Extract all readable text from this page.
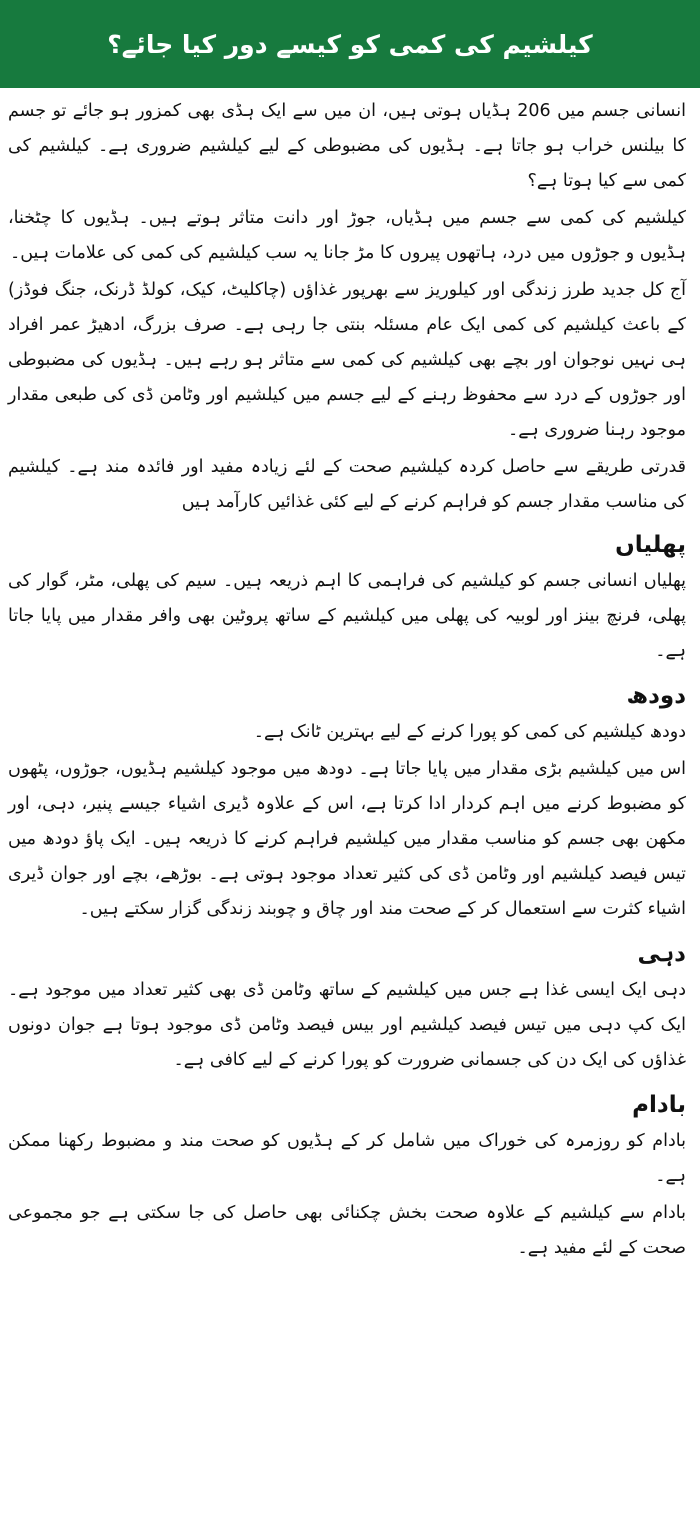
کیلشیم کی کمی کو کیسے دور کیا جائے؟

انسانی جسم میں 206 ہڈیاں ہوتی ہیں، ان میں سے ایک ہڈی بھی کمزور ہو جائے تو جسم کا بیلنس خراب ہو جاتا ہے۔ ہڈیوں کی مضبوطی کے لیے کیلشیم ضروری ہے۔ کیلشیم کی کمی سے کیا ہوتا ہے؟

کیلشیم کی کمی سے جسم میں ہڈیاں، جوڑ اور دانت متاثر ہوتے ہیں۔ ہڈیوں کا چٹخنا، ہڈیوں و جوڑوں میں درد، ہاتھوں پیروں کا مڑ جانا یہ سب کیلشیم کی کمی کی علامات ہیں۔

آج کل جدید طرز زندگی اور کیلوریز سے بھرپور غذاؤں (چاکلیٹ، کیک، کولڈ ڈرنک، جنگ فوڈز) کے باعث کیلشیم کی کمی ایک عام مسئلہ بنتی جا رہی ہے۔ صرف بزرگ، ادھیڑ عمر افراد ہی نہیں نوجوان اور بچے بھی کیلشیم کی کمی سے متاثر ہو رہے ہیں۔ ہڈیوں کی مضبوطی اور جوڑوں کے درد سے محفوظ رہنے کے لیے جسم میں کیلشیم اور وٹامن ڈی کی طبعی مقدار موجود رہنا ضروری ہے۔

قدرتی طریقے سے حاصل کردہ کیلشیم صحت کے لئے زیادہ مفید اور فائدہ مند ہے۔ کیلشیم کی مناسب مقدار جسم کو فراہم کرنے کے لیے کئی غذائیں کارآمد ہیں

پھلیاں

پھلیاں انسانی جسم کو کیلشیم کی فراہمی کا اہم ذریعہ ہیں۔ سیم کی پھلی، مٹر، گوار کی پھلی، فرنچ بینز اور لوبیہ کی پھلی میں کیلشیم کے ساتھ پروٹین بھی وافر مقدار میں پایا جاتا ہے۔

دودھ

دودھ کیلشیم کی کمی کو پورا کرنے کے لیے بہترین ٹانک ہے۔

اس میں کیلشیم بڑی مقدار میں پایا جاتا ہے۔ دودھ میں موجود کیلشیم ہڈیوں، جوڑوں، پٹھوں کو مضبوط کرنے میں اہم کردار ادا کرتا ہے، اس کے علاوہ ڈیری اشیاء جیسے پنیر، دہی، اور مکھن بھی جسم کو مناسب مقدار میں کیلشیم فراہم کرنے کا ذریعہ ہیں۔ ایک پاؤ دودھ میں تیس فیصد کیلشیم اور وٹامن ڈی کی کثیر تعداد موجود ہوتی ہے۔ بوڑھے، بچے اور جوان ڈیری اشیاء کثرت سے استعمال کر کے صحت مند اور چاق و چوبند زندگی گزار سکتے ہیں۔

دہی

دہی ایک ایسی غذا ہے جس میں کیلشیم کے ساتھ وٹامن ڈی بھی کثیر تعداد میں موجود ہے۔ ایک کپ دہی میں تیس فیصد کیلشیم اور بیس فیصد وٹامن ڈی موجود ہوتا ہے جوان دونوں غذاؤں کی ایک دن کی جسمانی ضرورت کو پورا کرنے کے لیے کافی ہے۔

بادام

بادام کو روزمرہ کی خوراک میں شامل کر کے ہڈیوں کو صحت مند و مضبوط رکھنا ممکن ہے۔

بادام سے کیلشیم کے علاوہ صحت بخش چکنائی بھی حاصل کی جا سکتی ہے جو مجموعی صحت کے لئے مفید ہے۔
